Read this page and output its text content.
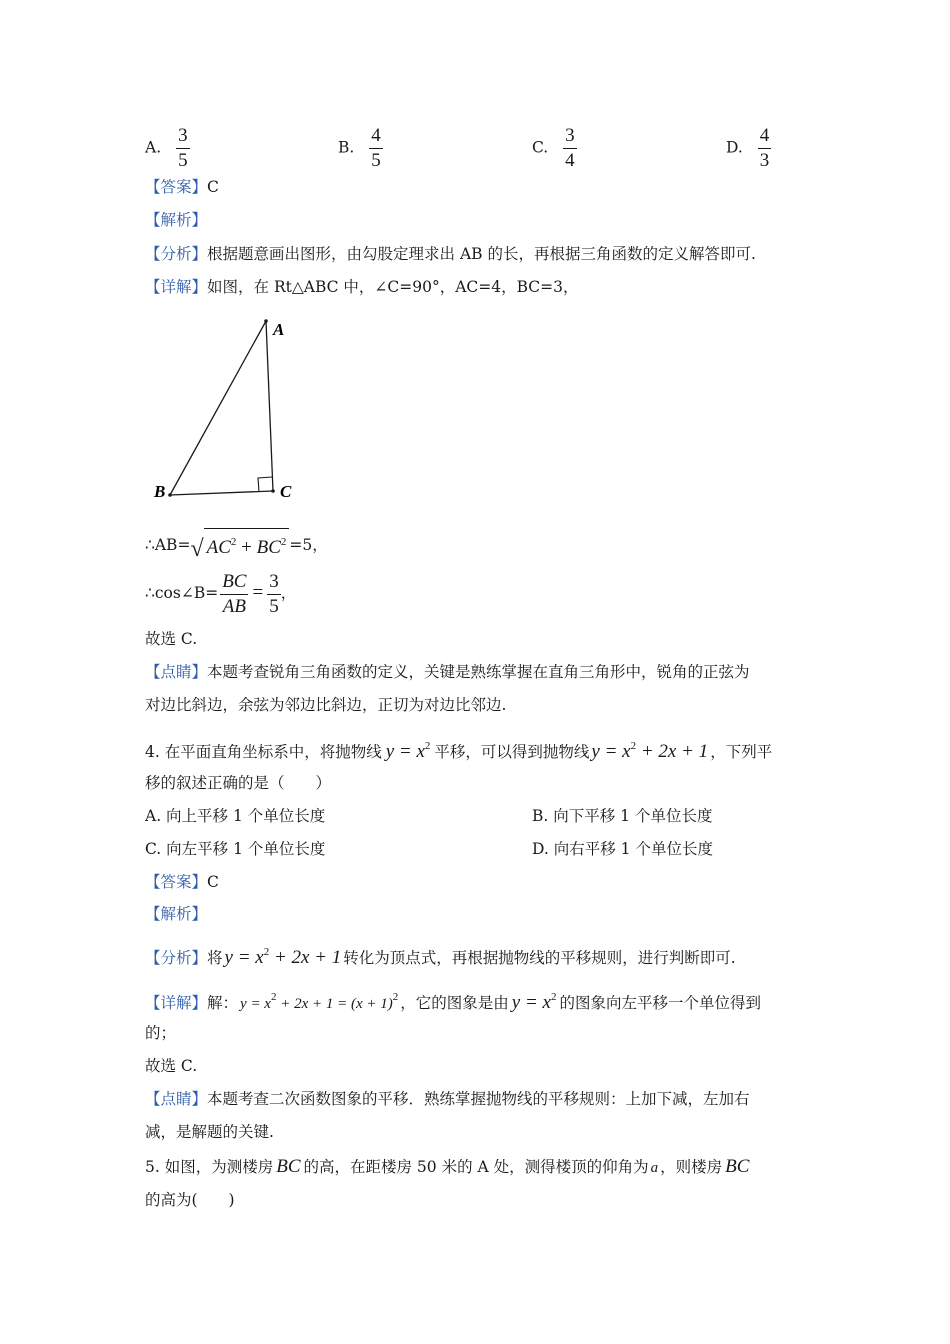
A. $\frac{3}{5}$	B. $\frac{4}{5}$	C. $\frac{3}{4}$	D. $\frac{4}{3}$
【答案】C
【解析】
【分析】根据题意画出图形，由勾股定理求出 AB 的长，再根据三角函数的定义解答即可.
【详解】如图，在 Rt△ABC 中，∠C=90°，AC=4，BC=3，
A
B	C
∴AB=√ $AC^2 + BC^2 =5$，
∴cos∠B= $\frac{BC}{AB} = \frac{3}{5}$ ，
故选 C.
【点睛】本题考查锐角三角函数的定义，关键是熟练掌握在直角三角形中，锐角的正弦为
对边比斜边，余弦为邻边比斜边，正切为对边比邻边.
4. 在平面直角坐标系中，将抛物线 $y = x^2$ 平移，可以得到抛物线 $y = x^2 + 2x + 1$ ，下列平
移的叙述正确的是（　　）
A. 向上平移 1 个单位长度	B. 向下平移 1 个单位长度
C. 向左平移 1 个单位长度	D. 向右平移 1 个单位长度
【答案】C
【解析】
【分析】将 $y = x^2 + 2x + 1$ 转化为顶点式，再根据抛物线的平移规则，进行判断即可.
【详解】解： $y = x^2 + 2x + 1 = (x + 1)^2$ ，它的图象是由 $y = x^2$ 的图象向左平移一个单位得到
的；
故选 C.
【点睛】本题考查二次函数图象的平移．熟练掌握抛物线的平移规则：上加下减，左加右
减，是解题的关键.
5. 如图，为测楼房 BC 的高，在距楼房 50 米的 A 处，测得楼顶的仰角为 a ，则楼房 BC
的高为(　　)
